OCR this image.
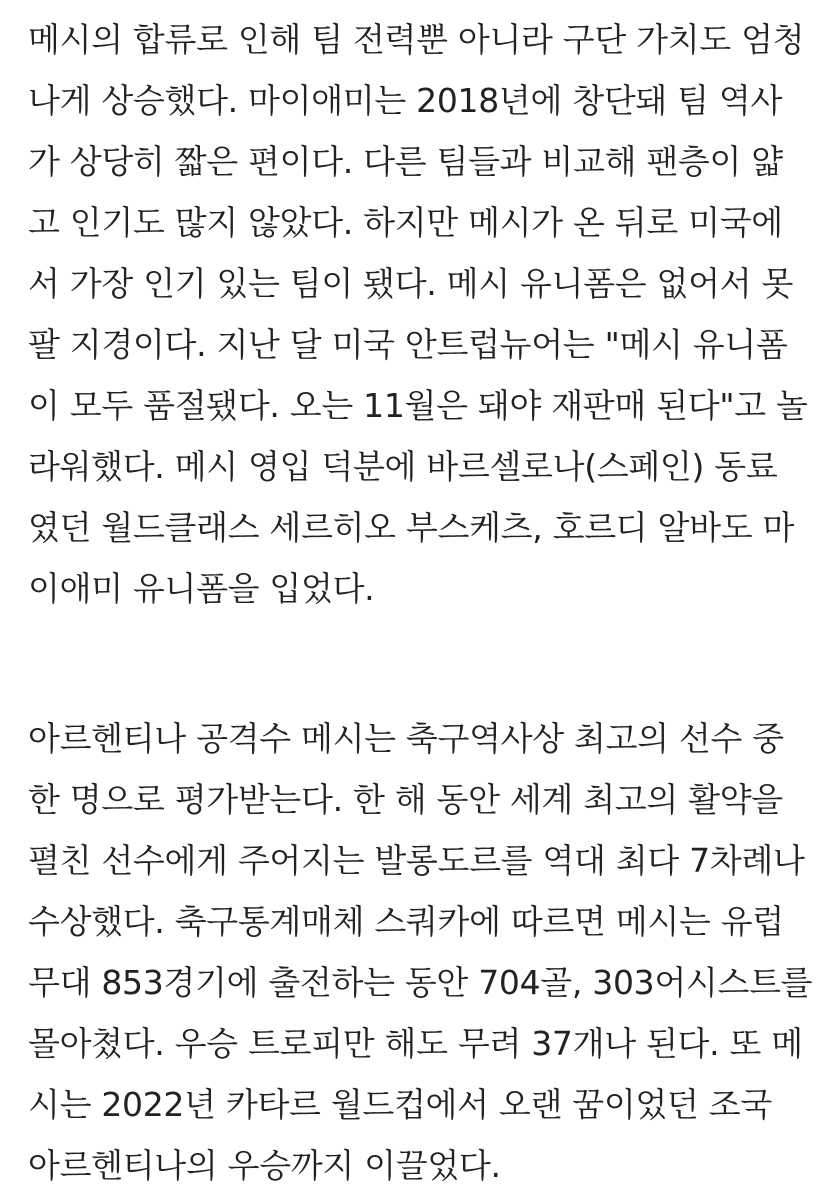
메시의 합류로 인해 팀 전력뿐 아니라 구단 가치도 엄청
나게 상승했다. 마이애미는 2018년에 창단돼 팀 역사
가 상당히 짧은 편이다. 다른 팀들과 비교해 팬층이 얇
고 인기도 많지 않았다. 하지만 메시가 온 뒤로 미국에
서 가장 인기 있는 팀이 됐다. 메시 유니폼은 없어서 못
팔 지경이다. 지난 달 미국 안트럽뉴어는 "메시 유니폼
이 모두 품절됐다. 오는 11월은 돼야 재판매 된다"고 놀
라워했다. 메시 영입 덕분에 바르셀로나(스페인) 동료
였던 월드클래스 세르히오 부스케츠, 호르디 알바도 마
이애미 유니폼을 입었다.
아르헨티나 공격수 메시는 축구역사상 최고의 선수 중
한 명으로 평가받는다. 한 해 동안 세계 최고의 활약을
펼친 선수에게 주어지는 발롱도르를 역대 최다 7차례나
수상했다. 축구통계매체 스쿼카에 따르면 메시는 유럽
무대 853경기에 출전하는 동안 704골, 303어시스트를
몰아쳤다. 우승 트로피만 해도 무려 37개나 된다. 또 메
시는 2022년 카타르 월드컵에서 오랜 꿈이었던 조국
아르헨티나의 우승까지 이끌었다.
